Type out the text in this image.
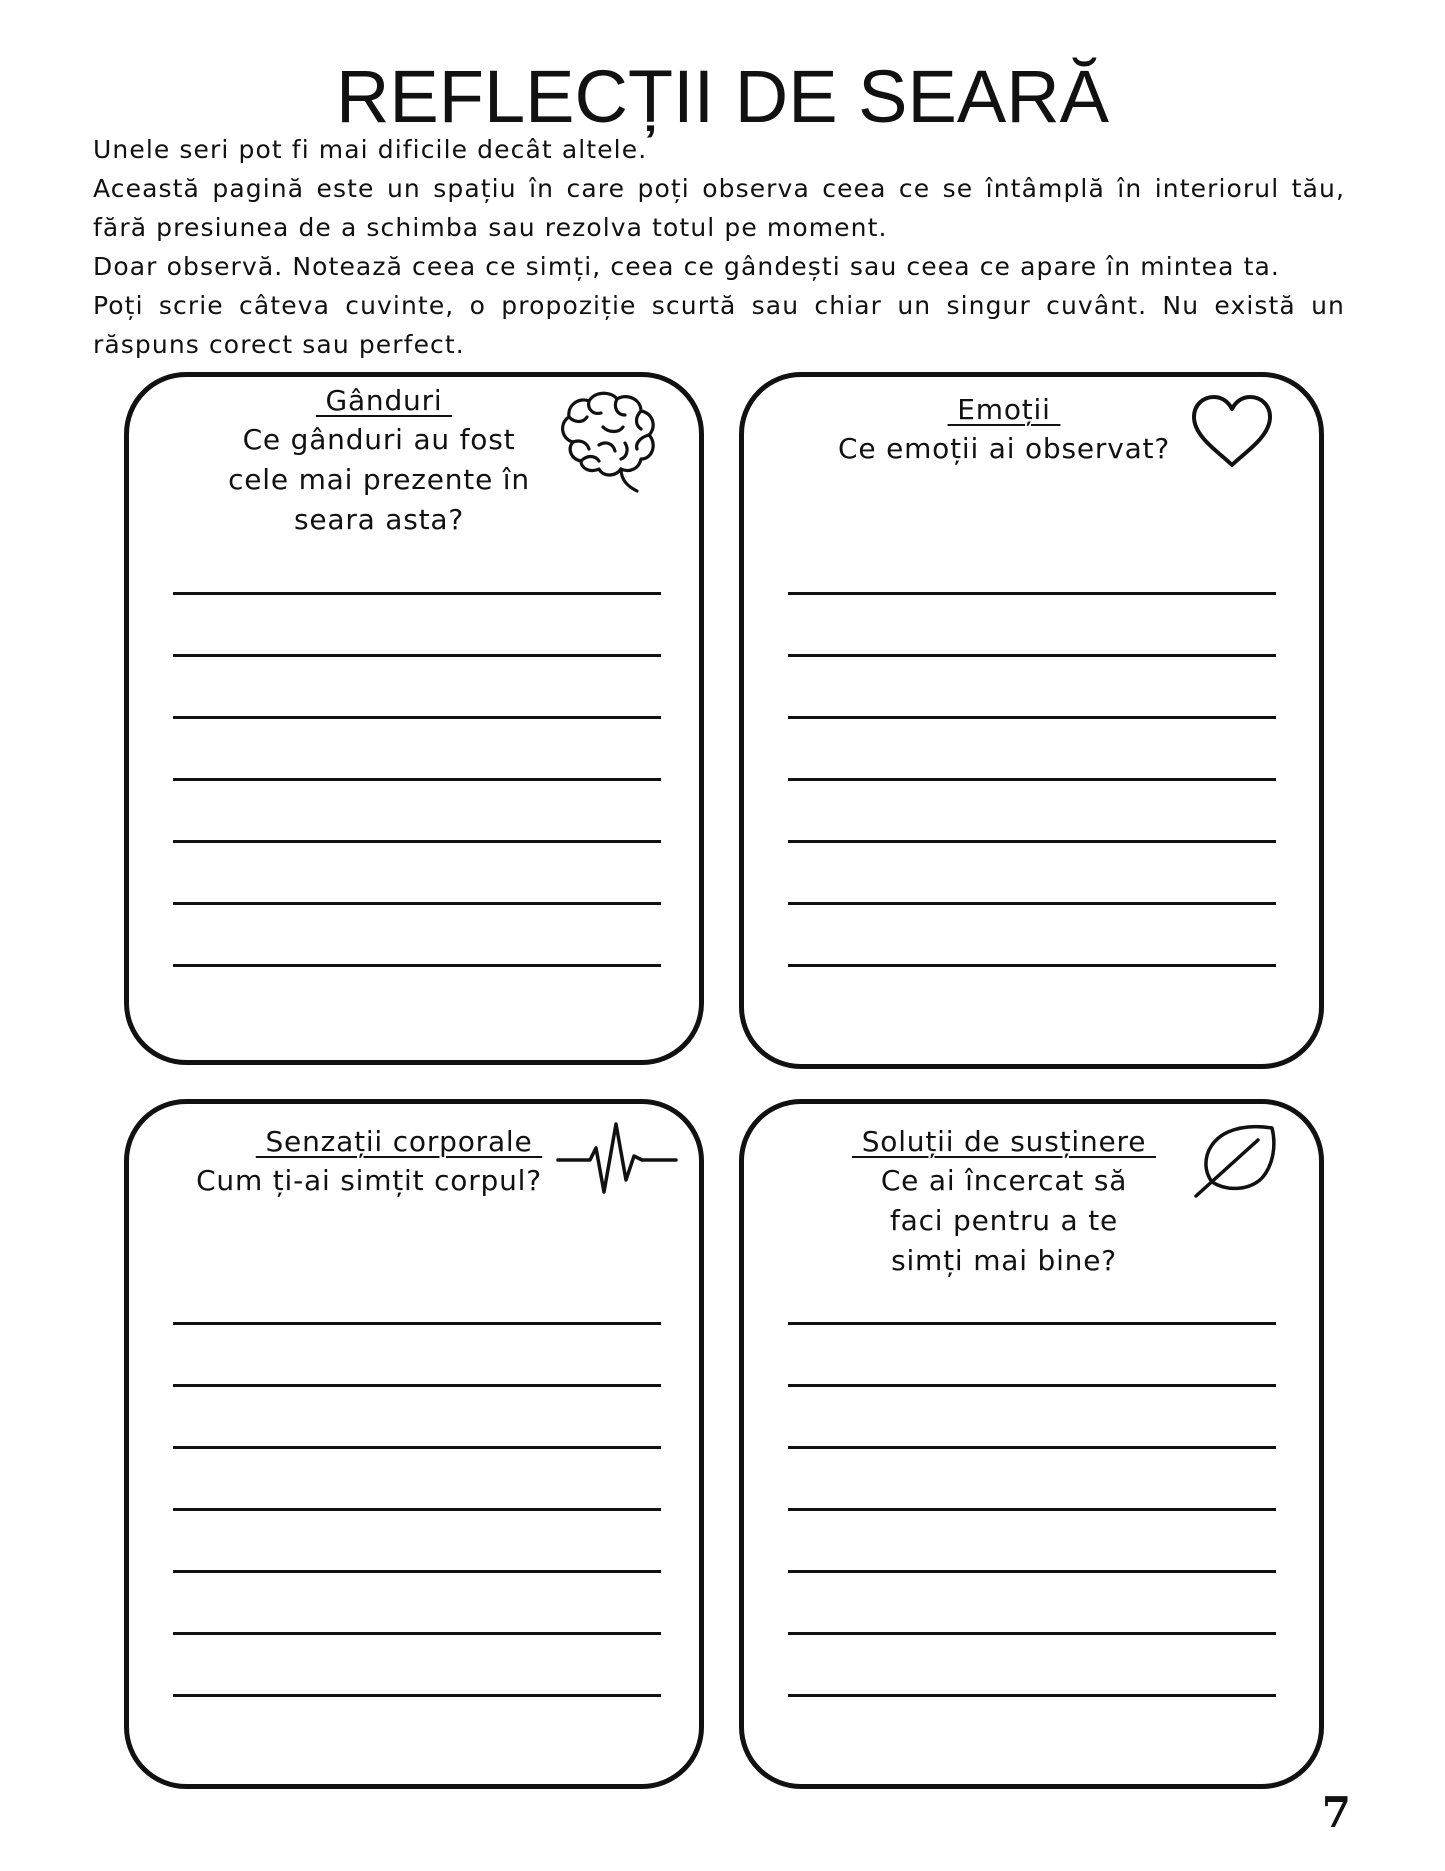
REFLECȚII DE SEARĂ

Unele seri pot fi mai dificile decât altele.

Această pagină este un spațiu în care poți observa ceea ce se întâmplă în interiorul tău, fără presiunea de a schimba sau rezolva totul pe moment.

Doar observă. Notează ceea ce simți, ceea ce gândești sau ceea ce apare în mintea ta.

Poți scrie câteva cuvinte, o propoziție scurtă sau chiar un singur cuvânt. Nu există un răspuns corect sau perfect.

Gânduri
Ce gânduri au fost cele mai prezente în seara asta?
Emoții
Ce emoții ai observat?
Senzații corporale
Cum ți-ai simțit corpul?
Soluții de susținere
Ce ai încercat să faci pentru a te simți mai bine?
7
